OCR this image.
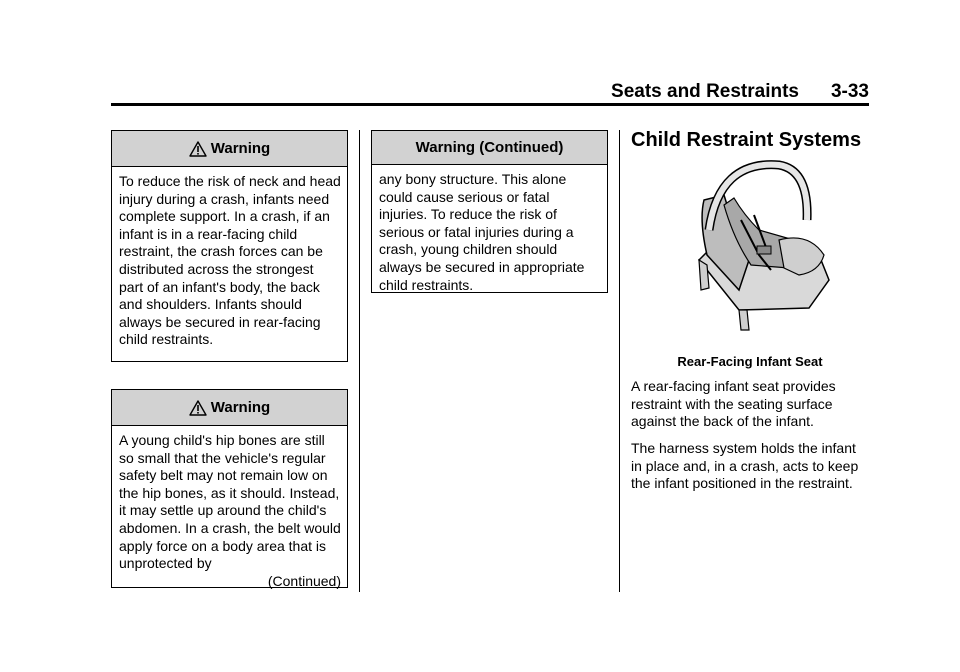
Seats and Restraints 3-33
Warning

To reduce the risk of neck and head injury during a crash, infants need complete support. In a crash, if an infant is in a rear-facing child restraint, the crash forces can be distributed across the strongest part of an infant's body, the back and shoulders. Infants should always be secured in rear-facing child restraints.

Warning

A young child's hip bones are still so small that the vehicle's regular safety belt may not remain low on the hip bones, as it should. Instead, it may settle up around the child's abdomen. In a crash, the belt would apply force on a body area that is unprotected by

(Continued)
Warning (Continued)

any bony structure. This alone could cause serious or fatal injuries. To reduce the risk of serious or fatal injuries during a crash, young children should always be secured in appropriate child restraints.

Child Restraint Systems
Rear-Facing Infant Seat

A rear-facing infant seat provides restraint with the seating surface against the back of the infant.

The harness system holds the infant in place and, in a crash, acts to keep the infant positioned in the restraint.
